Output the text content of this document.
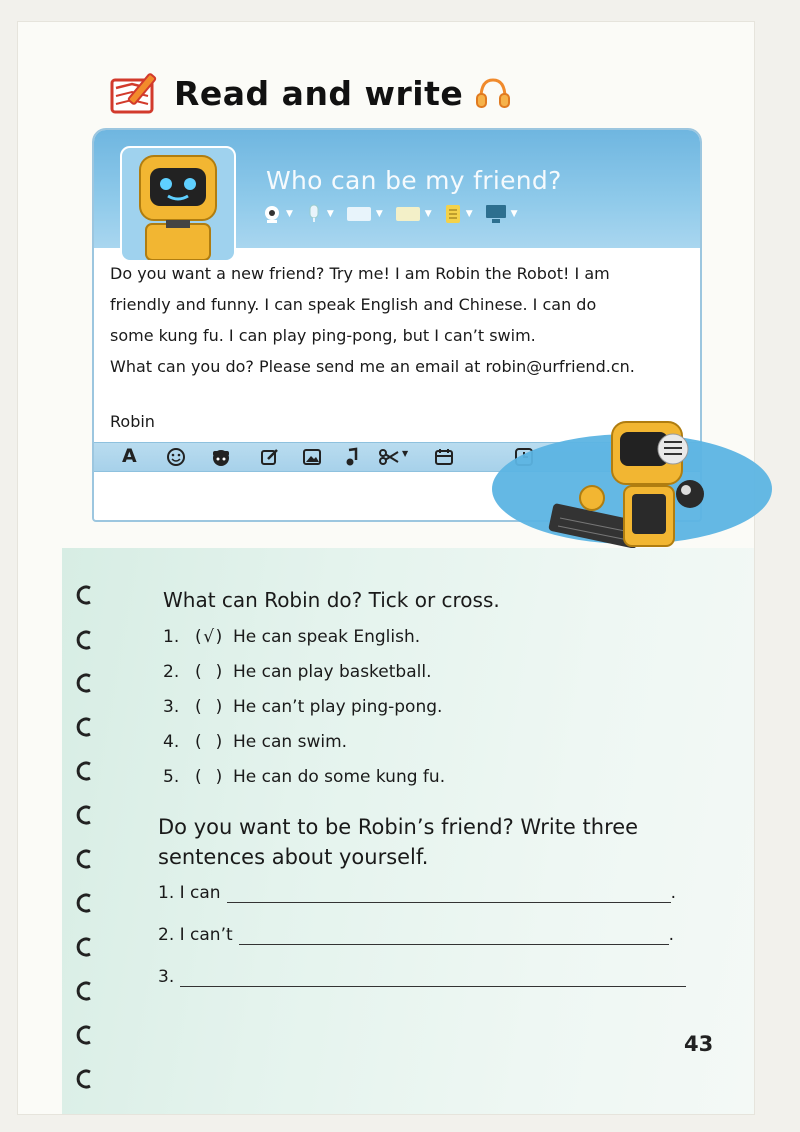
Read and write
Who can be my friend?
▼	▼	▼	▼	▼	▼

Do you want a new friend? Try me! I am Robin the Robot! I am

friendly and funny. I can speak English and Chinese. I can do

some kung fu. I can play ping-pong, but I can’t swim.

What can you do? Please send me an email at robin@urfriend.cn.

Robin
A	▼
What can Robin do? Tick or cross.
1. (√) He can speak English.
2. ( ) He can play basketball.
3. ( ) He can’t play ping-pong.
4. ( ) He can swim.
5. ( ) He can do some kung fu.
Do you want to be Robin’s friend? Write three
sentences about yourself.
1. I can	.
2. I can’t	.
3.
43
